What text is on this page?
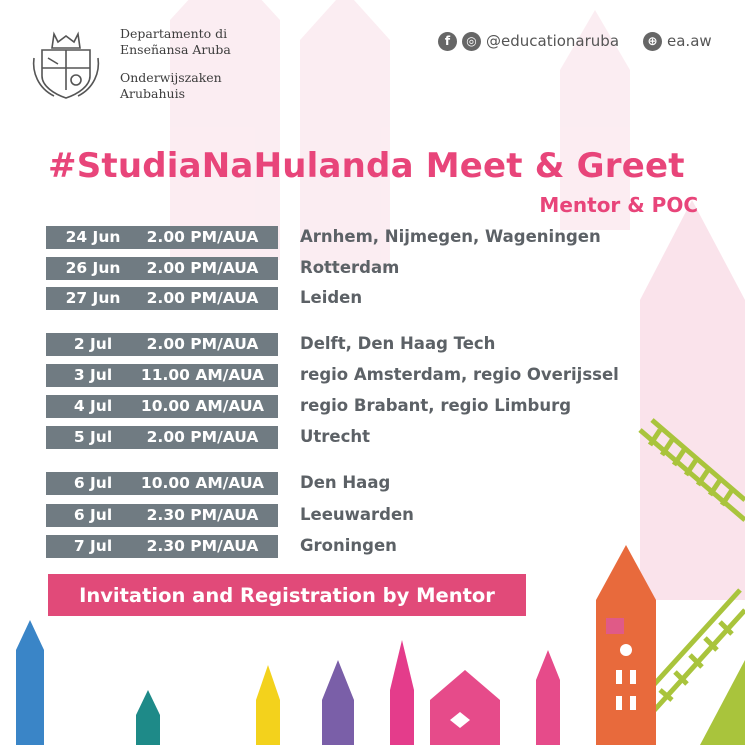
Departamento di
Enseñansa Aruba
Onderwijszaken
Arubahuis
f	◎ @educationaruba	⊕ ea.aw
#StudiaNaHulanda Meet & Greet
Mentor & POC
24 Jun	2.00 PM/AUA	Arnhem, Nijmegen, Wageningen
26 Jun	2.00 PM/AUA	Rotterdam
27 Jun	2.00 PM/AUA	Leiden
2 Jul	2.00 PM/AUA	Delft, Den Haag Tech
3 Jul	11.00 AM/AUA	regio Amsterdam, regio Overijssel
4 Jul	10.00 AM/AUA	regio Brabant, regio Limburg
5 Jul	2.00 PM/AUA	Utrecht
6 Jul	10.00 AM/AUA	Den Haag
6 Jul	2.30 PM/AUA	Leeuwarden
7 Jul	2.30 PM/AUA	Groningen
Invitation and Registration by Mentor
